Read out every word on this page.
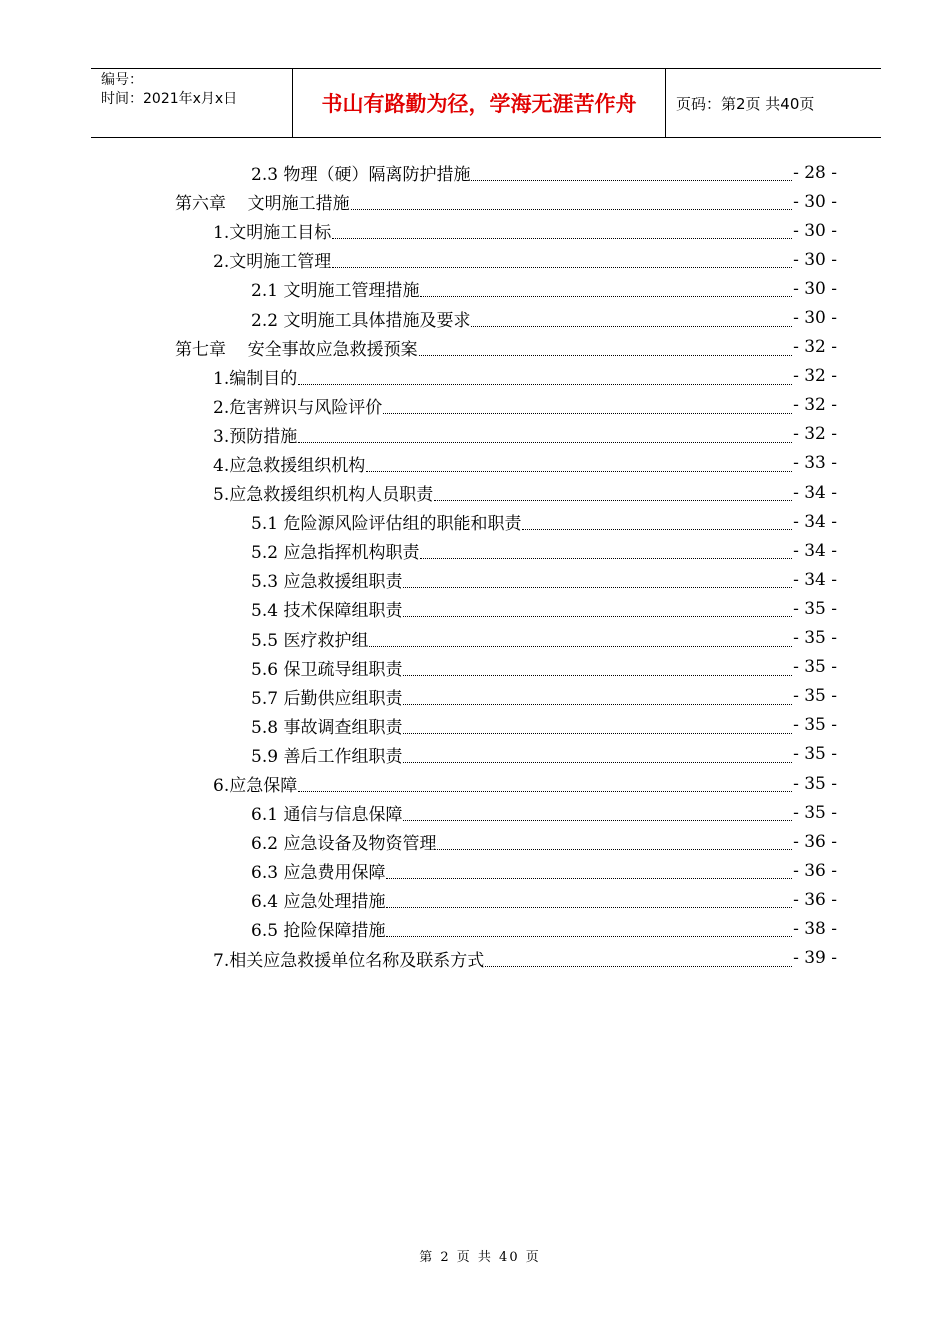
编号：
时间：2021年x月x日	书山有路勤为径，学海无涯苦作舟	页码：第2页 共40页
2.3 物理（硬）隔离防护措施	- 28 -
第六章    文明施工措施	- 30 -
1.文明施工目标	- 30 -
2.文明施工管理	- 30 -
2.1 文明施工管理措施	- 30 -
2.2 文明施工具体措施及要求	- 30 -
第七章    安全事故应急救援预案	- 32 -
1.编制目的	- 32 -
2.危害辨识与风险评价	- 32 -
3.预防措施	- 32 -
4.应急救援组织机构	- 33 -
5.应急救援组织机构人员职责	- 34 -
5.1 危险源风险评估组的职能和职责	- 34 -
5.2 应急指挥机构职责	- 34 -
5.3 应急救援组职责	- 34 -
5.4 技术保障组职责	- 35 -
5.5 医疗救护组	- 35 -
5.6 保卫疏导组职责	- 35 -
5.7 后勤供应组职责	- 35 -
5.8 事故调查组职责	- 35 -
5.9 善后工作组职责	- 35 -
6.应急保障	- 35 -
6.1 通信与信息保障	- 35 -
6.2 应急设备及物资管理	- 36 -
6.3 应急费用保障	- 36 -
6.4 应急处理措施	- 36 -
6.5 抢险保障措施	- 38 -
7.相关应急救援单位名称及联系方式	- 39 -
第 2 页 共 40 页
